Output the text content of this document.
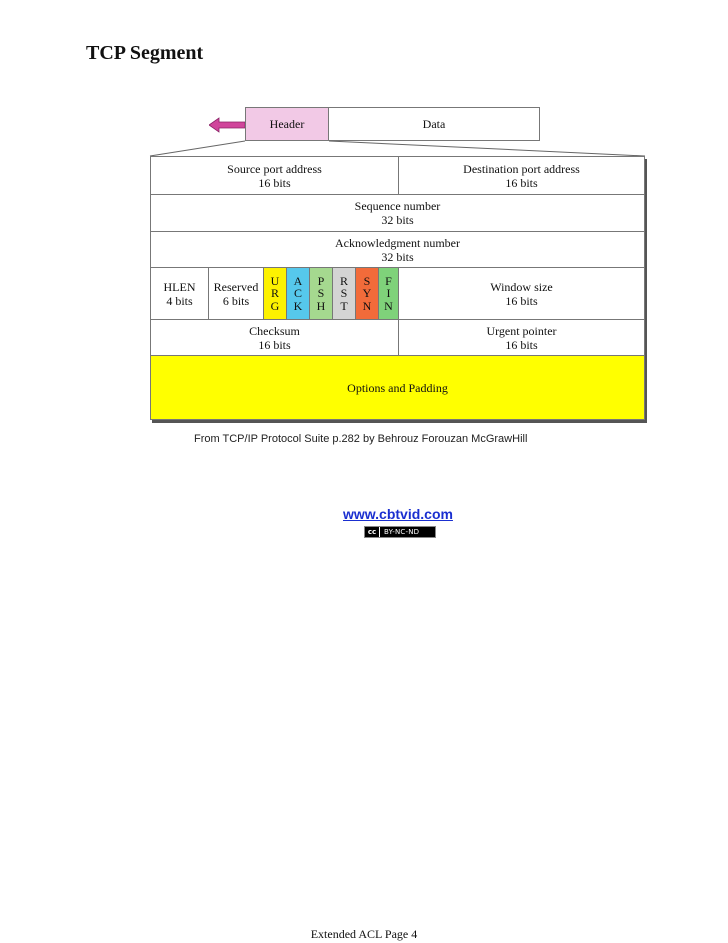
TCP Segment
Header	Data
Source port address
16 bits
Destination port address
16 bits
Sequence number
32 bits
Acknowledgment number
32 bits
HLEN
4 bits
Reserved
6 bits
U
R
G
A
C
K
P
S
H
R
S
T
S
Y
N
F
I
N
Window size
16 bits
Checksum
16 bits
Urgent pointer
16 bits
Options and Padding
From TCP/IP Protocol Suite p.282 by Behrouz Forouzan McGrawHill
www.cbtvid.com
cc	BY-NC-ND
Extended ACL Page 4
